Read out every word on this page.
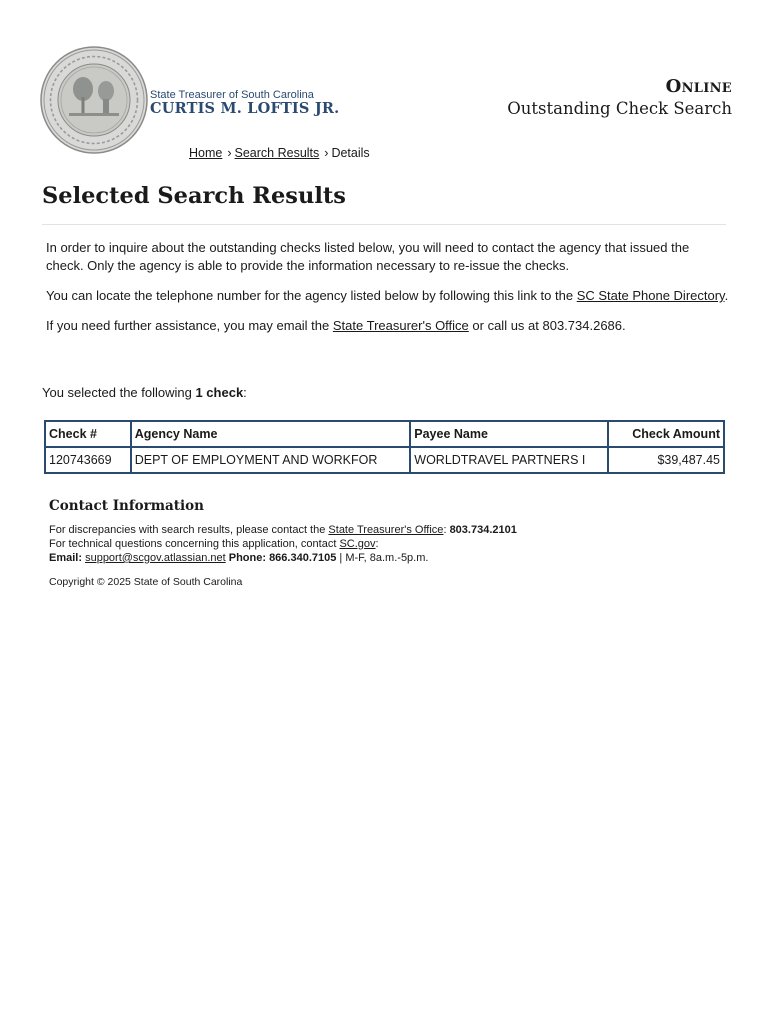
State Treasurer of South Carolina
CURTIS M. LOFTIS JR.
Online
Outstanding Check Search
Home › Search Results › Details
Selected Search Results

In order to inquire about the outstanding checks listed below, you will need to contact the agency that issued the check. Only the agency is able to provide the information necessary to re-issue the checks.

You can locate the telephone number for the agency listed below by following this link to the SC State Phone Directory.

If you need further assistance, you may email the State Treasurer's Office or call us at 803.734.2686.

You selected the following 1 check:
Check #	Agency Name	Payee Name	Check Amount
120743669	DEPT OF EMPLOYMENT AND WORKFOR	WORLDTRAVEL PARTNERS I	$39,487.45
Contact Information
For discrepancies with search results, please contact the State Treasurer's Office: 803.734.2101
For technical questions concerning this application, contact SC.gov:
Email: support@scgov.atlassian.net Phone: 866.340.7105 | M-F, 8a.m.-5p.m.
Copyright © 2025 State of South Carolina
